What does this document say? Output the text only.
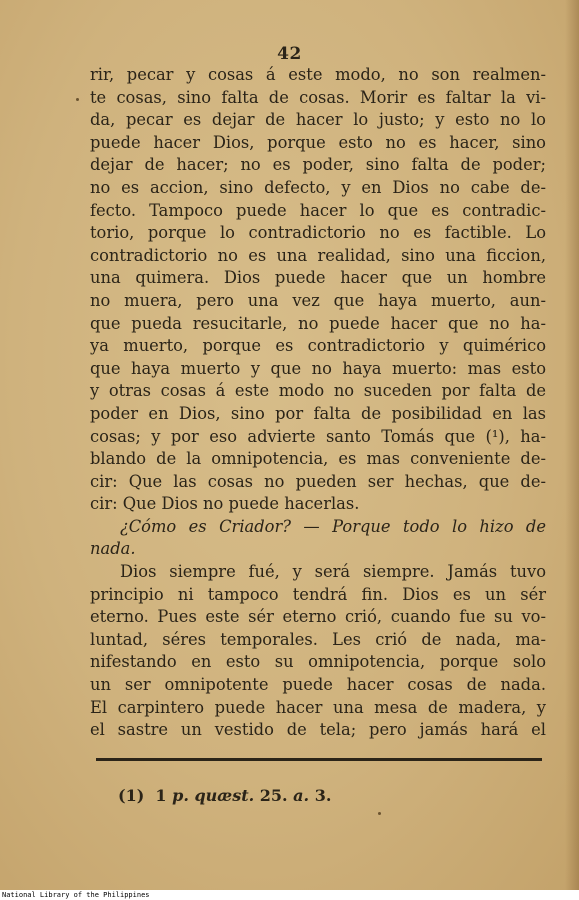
42
rir, pecar y cosas á este modo, no son realmen-
te cosas, sino falta de cosas. Morir es faltar la vi-
da, pecar es dejar de hacer lo justo; y esto no lo
puede hacer Dios, porque esto no es hacer, sino
dejar de hacer; no es poder, sino falta de poder;
no es accion, sino defecto, y en Dios no cabe de-
fecto. Tampoco puede hacer lo que es contradic-
torio, porque lo contradictorio no es factible. Lo
contradictorio no es una realidad, sino una ficcion,
una quimera. Dios puede hacer que un hombre
no muera, pero una vez que haya muerto, aun-
que pueda resucitarle, no puede hacer que no ha-
ya muerto, porque es contradictorio y quimérico
que haya muerto y que no haya muerto: mas esto
y otras cosas á este modo no suceden por falta de
poder en Dios, sino por falta de posibilidad en las
cosas; y por eso advierte santo Tomás que (¹), ha-
blando de la omnipotencia, es mas conveniente de-
cir: Que las cosas no pueden ser hechas, que de-
cir: Que Dios no puede hacerlas.
¿Cómo es Criador? — Porque todo lo hizo de
nada.
Dios siempre fué, y será siempre. Jamás tuvo
principio ni tampoco tendrá fin. Dios es un sér
eterno. Pues este sér eterno crió, cuando fue su vo-
luntad, séres temporales. Les crió de nada, ma-
nifestando en esto su omnipotencia, porque solo
un ser omnipotente puede hacer cosas de nada.
El carpintero puede hacer una mesa de madera, y
el sastre un vestido de tela; pero jamás hará el
(1) 1 p. quæst. 25. a. 3.
National Library of the Philippines
